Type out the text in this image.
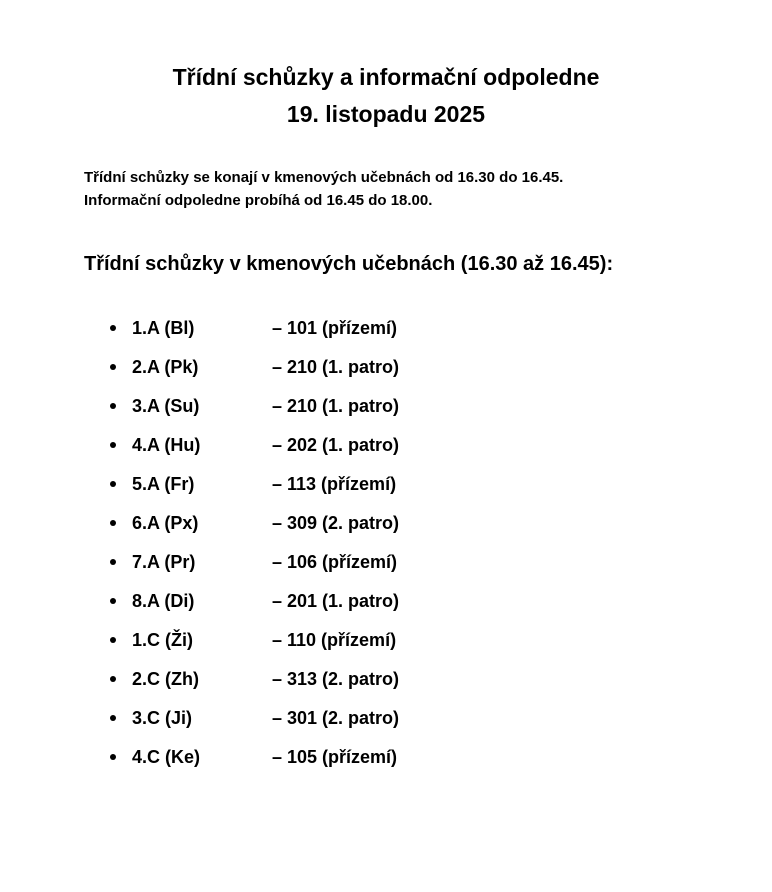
Třídní schůzky a informační odpoledne
19. listopadu 2025
Třídní schůzky se konají v kmenových učebnách od 16.30 do 16.45.
Informační odpoledne probíhá od 16.45 do 18.00.
Třídní schůzky v kmenových učebnách (16.30 až 16.45):
1.A (Bl)	– 101 (přízemí)
2.A (Pk)	– 210 (1. patro)
3.A (Su)	– 210 (1. patro)
4.A (Hu)	– 202 (1. patro)
5.A (Fr)	– 113 (přízemí)
6.A (Px)	– 309 (2. patro)
7.A (Pr)	– 106 (přízemí)
8.A (Di)	– 201 (1. patro)
1.C (Ži)	– 110 (přízemí)
2.C (Zh)	– 313 (2. patro)
3.C (Ji)	– 301 (2. patro)
4.C (Ke)	– 105 (přízemí)
